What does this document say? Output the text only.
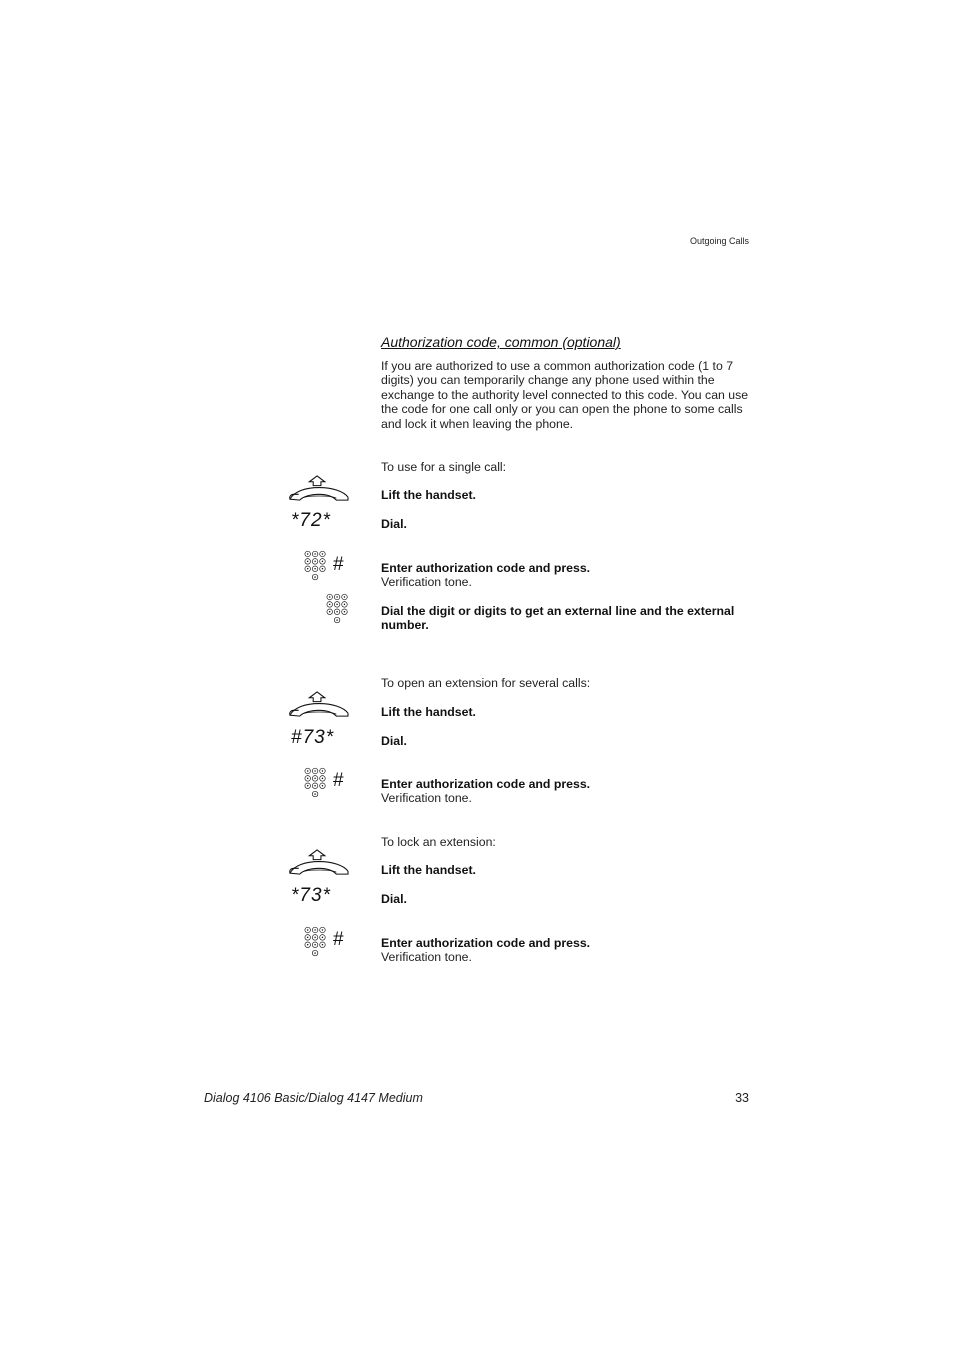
Outgoing Calls
Authorization code, common (optional)
If you are authorized to use a common authorization code (1 to 7 digits) you can temporarily change any phone used within the exchange to the authority level connected to this code. You can use the code for one call only or you can open the phone to some calls and lock it when leaving the phone.
To use for a single call:
Lift the handset.
*72*	Dial.
#	Enter authorization code and press.
Verification tone.
Dial the digit or digits to get an external line and the external number.
To open an extension for several calls:
Lift the handset.
#73*	Dial.
#	Enter authorization code and press.
Verification tone.
To lock an extension:
Lift the handset.
*73*	Dial.
#	Enter authorization code and press.
Verification tone.
Dialog 4106 Basic/Dialog 4147 Medium	33
